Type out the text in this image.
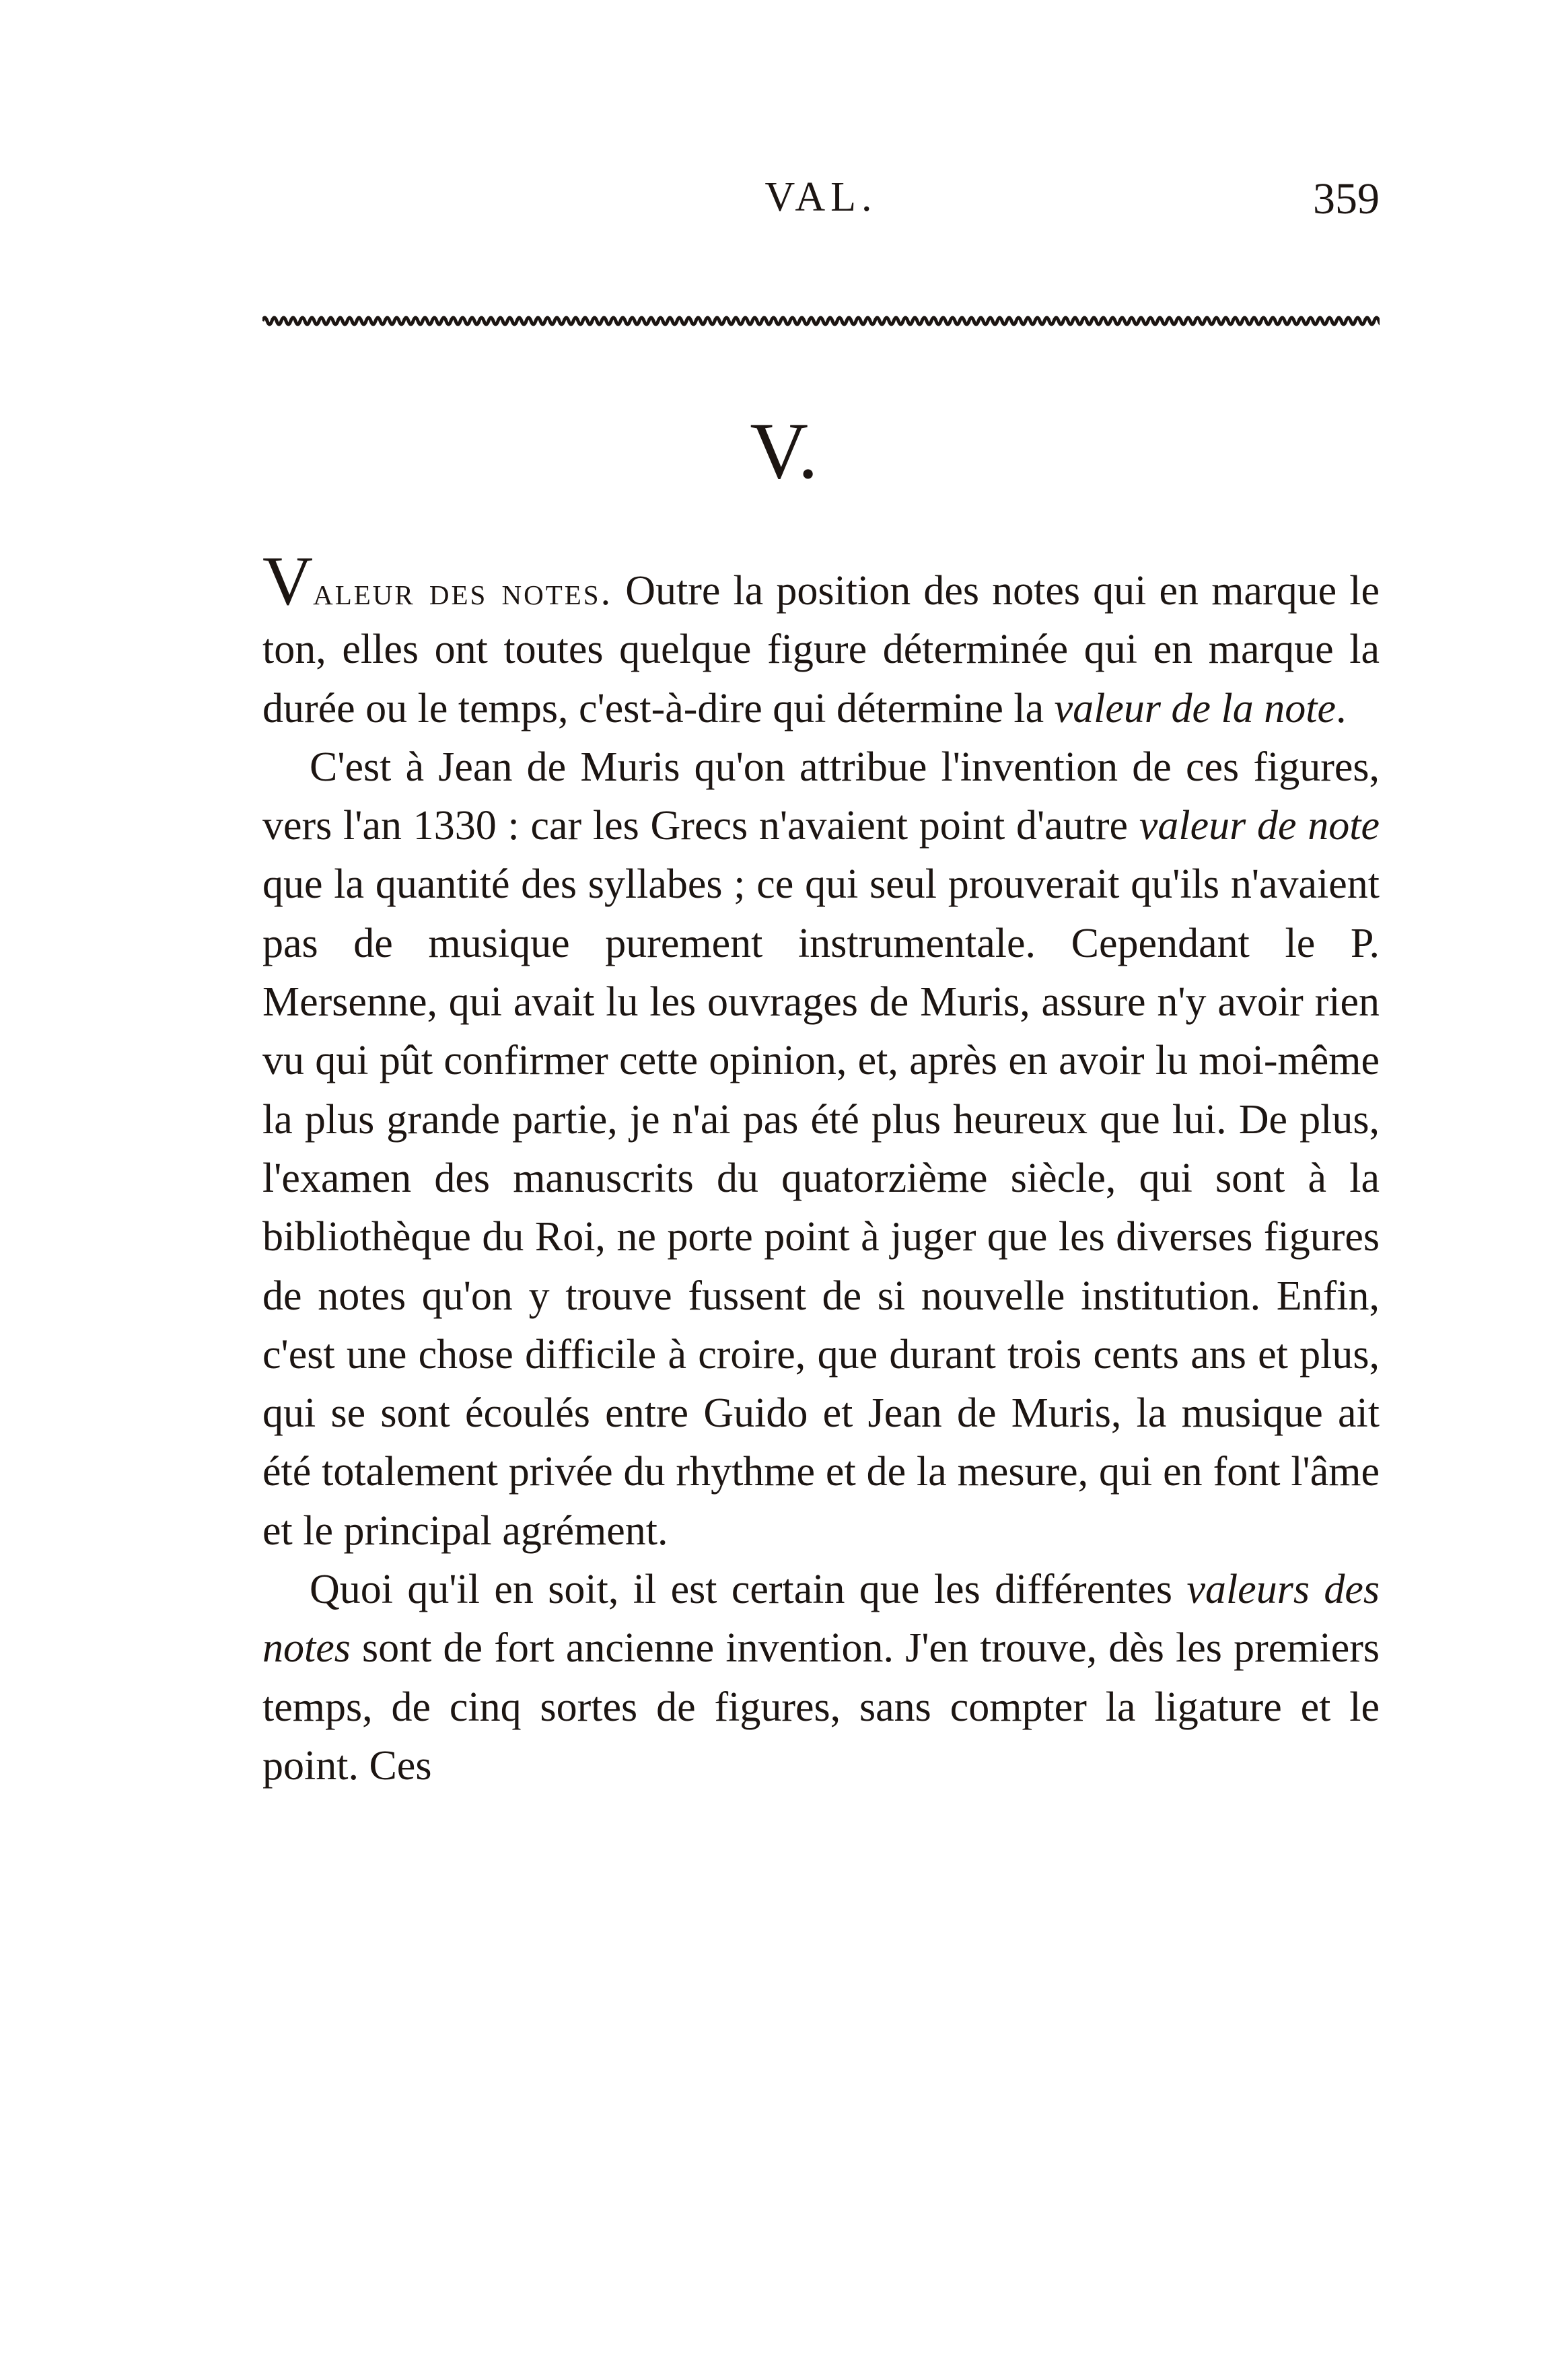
VAL.	359
V.

Valeur des notes. Outre la position des notes qui en marque le ton, elles ont toutes quelque figure déterminée qui en marque la durée ou le temps, c'est-à-dire qui détermine la valeur de la note.

C'est à Jean de Muris qu'on attribue l'invention de ces figures, vers l'an 1330 : car les Grecs n'avaient point d'autre valeur de note que la quantité des syllabes ; ce qui seul prouverait qu'ils n'avaient pas de musique purement instrumentale. Cependant le P. Mersenne, qui avait lu les ouvrages de Muris, assure n'y avoir rien vu qui pût confirmer cette opinion, et, après en avoir lu moi-même la plus grande partie, je n'ai pas été plus heureux que lui. De plus, l'examen des manuscrits du quatorzième siècle, qui sont à la bibliothèque du Roi, ne porte point à juger que les diverses figures de notes qu'on y trouve fussent de si nouvelle institution. Enfin, c'est une chose difficile à croire, que durant trois cents ans et plus, qui se sont écoulés entre Guido et Jean de Muris, la musique ait été totalement privée du rhythme et de la mesure, qui en font l'âme et le principal agrément.

Quoi qu'il en soit, il est certain que les différentes valeurs des notes sont de fort ancienne invention. J'en trouve, dès les premiers temps, de cinq sortes de figures, sans compter la ligature et le point. Ces
